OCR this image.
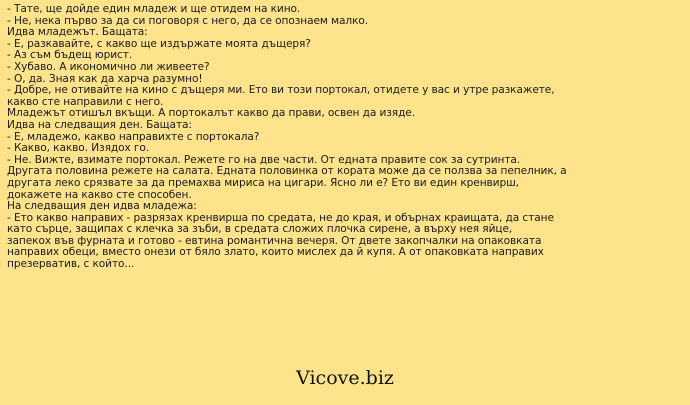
- Тате, ще дойде един младеж и ще отидем на кино.
- Не, нека първо за да си поговоря с него, да се опознаем малко.
Идва младежът. Бащата:
- Е, разкавайте, с какво ще издържате моята дъщеря?
- Аз съм бъдещ юрист.
- Хубаво. А икономично ли живеете?
- О, да. Зная как да харча разумно!
- Добре, не отивайте на кино с дъщеря ми. Ето ви този портокал, отидете у вас и утре разкажете,
какво сте направили с него.
Младежът отишъл вкъщи. А портокалът какво да прави, освен да изяде.
Идва на следващия ден. Бащата:
- Е, младежо, какво направихте с портокала?
- Какво, какво. Изядох го.
- Не. Вижте, взимате портокал. Режете го на две части. От едната правите сок за сутринта.
Другата половина режете на салата. Едната половинка от кората може да се ползва за пепелник, а
другата леко срязвате за да премахва мириса на цигари. Ясно ли е? Ето ви един кренвирш,
докажете на какво сте способен.
На следващия ден идва младежа:
- Ето какво направих - разрязах кренвирша по средата, не до края, и обърнах краищата, да стане
като сърце, защипах с клечка за зъби, в средата сложих плочка сирене, а върху нея яйце,
запекох във фурната и готово - евтина романтична вечеря. От двете закопчалки на опаковката
направих обеци, вместо онези от бяло злато, които мислех да й купя. А от опаковката направих
презерватив, с който...
Vicove.biz
